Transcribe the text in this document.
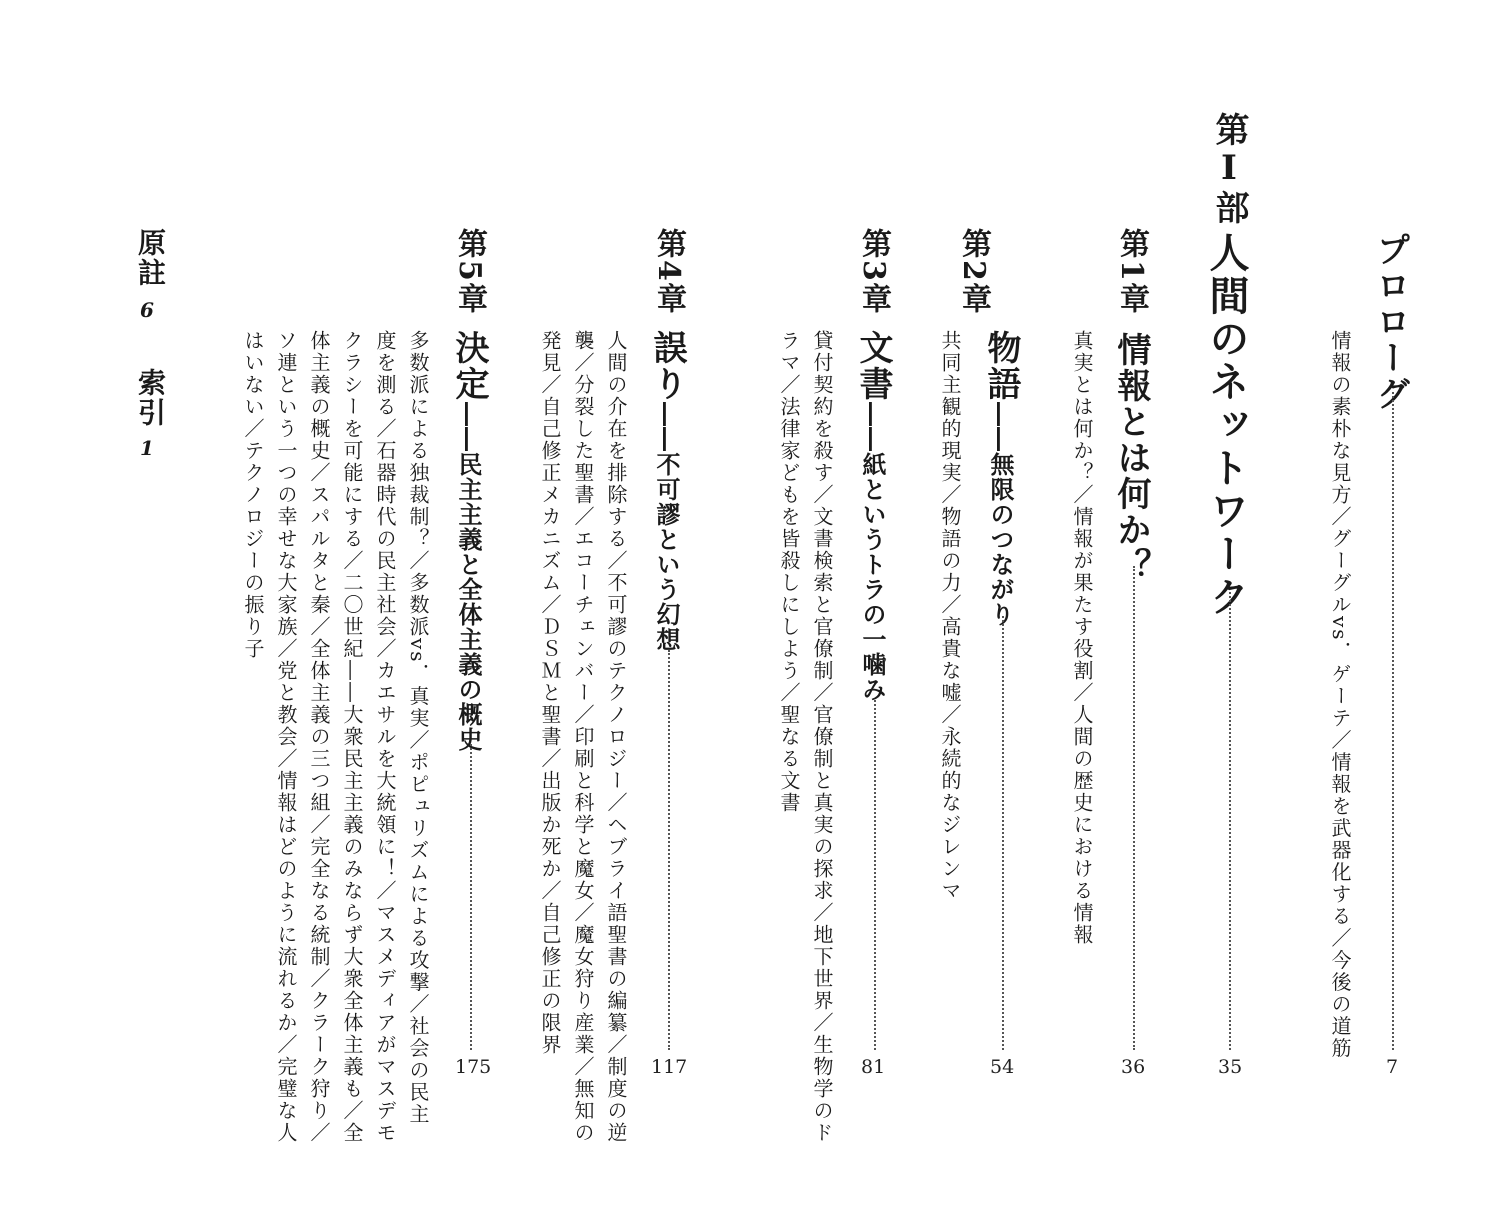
プロローグ
7
情報の素朴な見方／グーグルvs．ゲーテ／情報を武器化する／今後の道筋
第Ⅰ部
人間のネットワーク
35
第1章
情報とは何か？
36
真実とは何か？／情報が果たす役割／人間の歴史における情報
第2章
物語
――無限のつながり
54
共同主観的現実／物語の力／高貴な嘘／永続的なジレンマ
第3章
文書
――紙というトラの一噛み
81
貸付契約を殺す／文書検索と官僚制／官僚制と真実の探求／地下世界／生物学のド
ラマ／法律家どもを皆殺しにしよう／聖なる文書
第4章
誤り
――不可謬という幻想
117
人間の介在を排除する／不可謬のテクノロジー／ヘブライ語聖書の編纂／制度の逆
襲／分裂した聖書／エコーチェンバー／印刷と科学と魔女／魔女狩り産業／無知の
発見／自己修正メカニズム／ＤＳＭと聖書／出版か死か／自己修正の限界
第5章
決定
――民主主義と全体主義の概史
175
多数派による独裁制？／多数派vs．真実／ポピュリズムによる攻撃／社会の民主
度を測る／石器時代の民主社会／カエサルを大統領に！／マスメディアがマスデモ
クラシーを可能にする／二〇世紀――大衆民主主義のみならず大衆全体主義も／全
体主義の概史／スパルタと秦／全体主義の三つ組／完全なる統制／クラーク狩り／
ソ連という一つの幸せな大家族／党と教会／情報はどのように流れるか／完璧な人
はいない／テクノロジーの振り子
原註
6
索引
1
